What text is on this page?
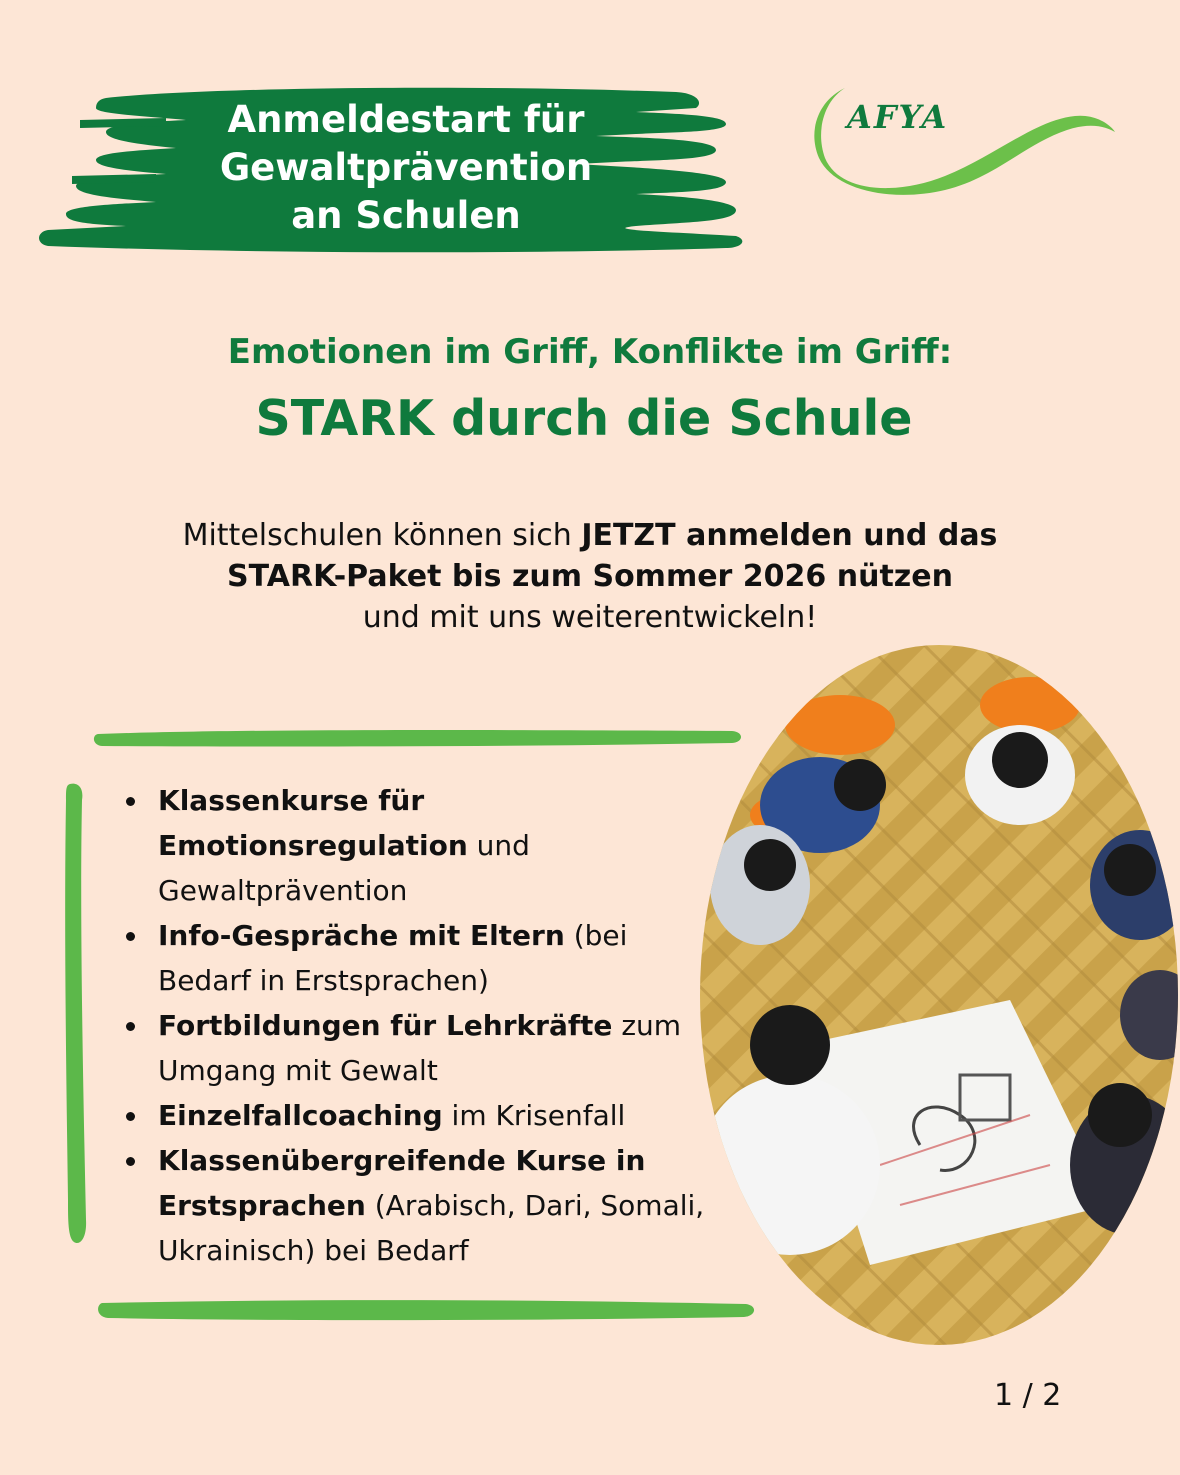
Anmeldestart für
Gewaltprävention
an Schulen
AFYA
Emotionen im Griff, Konflikte im Griff:
STARK durch die Schule
Mittelschulen können sich JETZT anmelden und das
STARK-Paket bis zum Sommer 2026 nützen
und mit uns weiterentwickeln!
Klassenkurse für Emotionsregulation und Gewaltprävention
Info-Gespräche mit Eltern (bei Bedarf in Erstsprachen)
Fortbildungen für Lehrkräfte zum Umgang mit Gewalt
Einzelfallcoaching im Krisenfall
Klassenübergreifende Kurse in Erstsprachen (Arabisch, Dari, Somali, Ukrainisch) bei Bedarf
1 / 2
